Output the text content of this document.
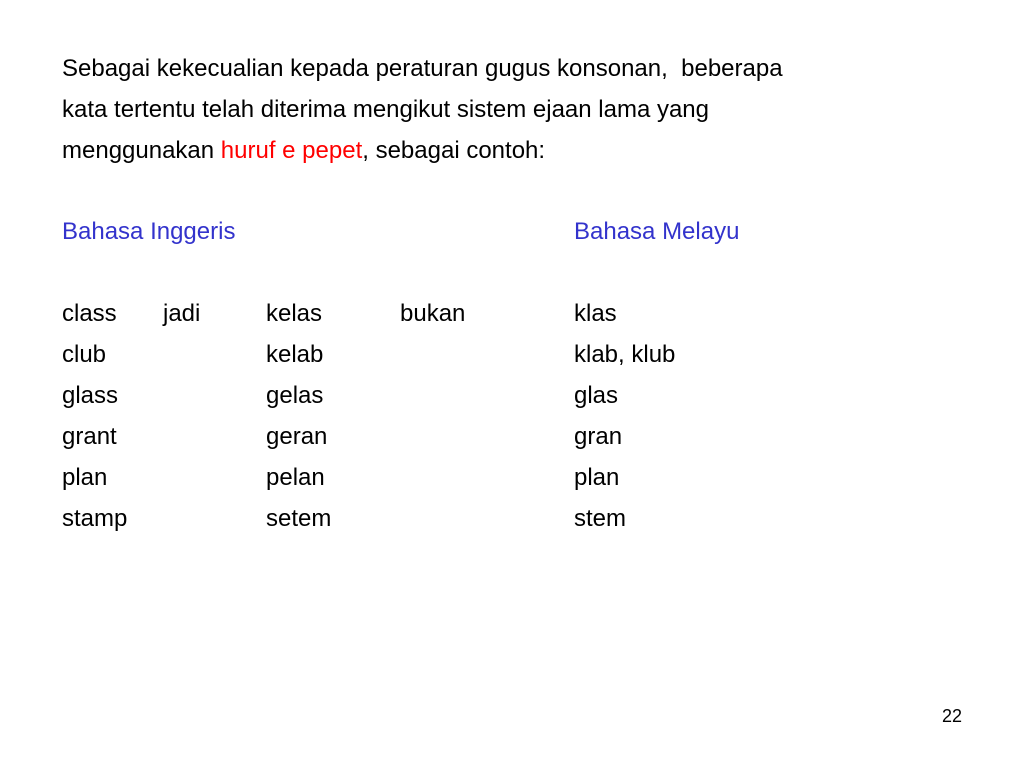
Sebagai kekecualian kepada peraturan gugus konsonan,  beberapa
kata tertentu telah diterima mengikut sistem ejaan lama yang
menggunakan huruf e pepet, sebagai contoh:
Bahasa Inggeris	Bahasa Melayu
class jadi	kelas	bukan	klas
club	kelab	klab, klub
glass	gelas	glas
grant	geran	gran
plan	pelan	plan
stamp	setem	stem
22
